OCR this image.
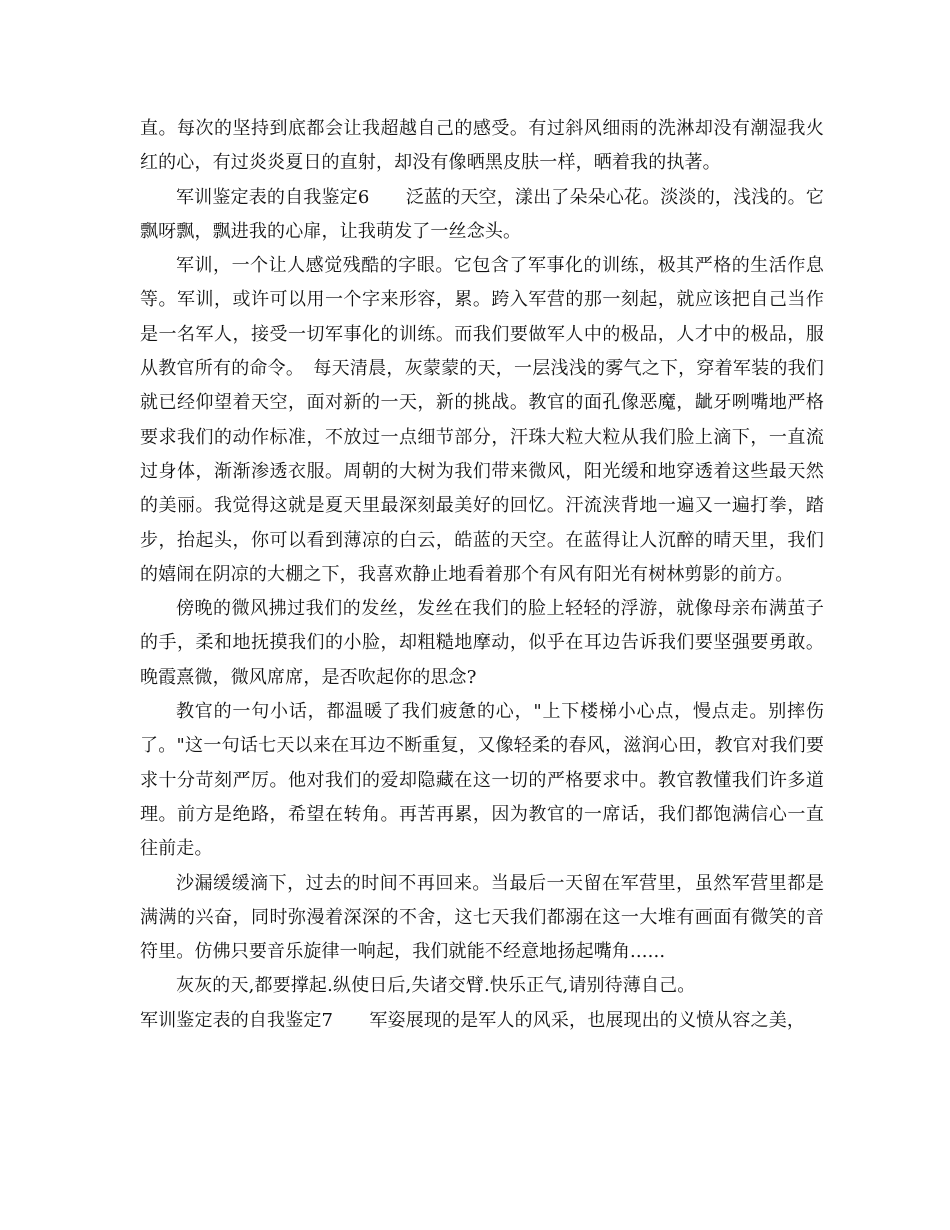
直。每次的坚持到底都会让我超越自己的感受。有过斜风细雨的洗淋却没有潮湿我火红的心，有过炎炎夏日的直射，却没有像晒黑皮肤一样，晒着我的执著。

军训鉴定表的自我鉴定6　　泛蓝的天空，漾出了朵朵心花。淡淡的，浅浅的。它飘呀飘，飘进我的心扉，让我萌发了一丝念头。

军训，一个让人感觉残酷的字眼。它包含了军事化的训练，极其严格的生活作息等。军训，或许可以用一个字来形容，累。跨入军营的那一刻起，就应该把自己当作是一名军人，接受一切军事化的训练。而我们要做军人中的极品，人才中的极品，服从教官所有的命令。　每天清晨，灰蒙蒙的天，一层浅浅的雾气之下，穿着军装的我们就已经仰望着天空，面对新的一天，新的挑战。教官的面孔像恶魔，龇牙咧嘴地严格要求我们的动作标准，不放过一点细节部分，汗珠大粒大粒从我们脸上滴下，一直流过身体，渐渐渗透衣服。周朝的大树为我们带来微风，阳光缓和地穿透着这些最天然的美丽。我觉得这就是夏天里最深刻最美好的回忆。汗流浃背地一遍又一遍打拳，踏步，抬起头，你可以看到薄凉的白云，皓蓝的天空。在蓝得让人沉醉的晴天里，我们的嬉闹在阴凉的大棚之下，我喜欢静止地看着那个有风有阳光有树林剪影的前方。

傍晚的微风拂过我们的发丝，发丝在我们的脸上轻轻的浮游，就像母亲布满茧子的手，柔和地抚摸我们的小脸，却粗糙地摩动，似乎在耳边告诉我们要坚强要勇敢。晚霞熹微，微风席席，是否吹起你的思念?

教官的一句小话，都温暖了我们疲惫的心，"上下楼梯小心点，慢点走。别摔伤了。"这一句话七天以来在耳边不断重复，又像轻柔的春风，滋润心田，教官对我们要求十分苛刻严厉。他对我们的爱却隐藏在这一切的严格要求中。教官教懂我们许多道理。前方是绝路，希望在转角。再苦再累，因为教官的一席话，我们都饱满信心一直往前走。

沙漏缓缓滴下，过去的时间不再回来。当最后一天留在军营里，虽然军营里都是满满的兴奋，同时弥漫着深深的不舍，这七天我们都溺在这一大堆有画面有微笑的音符里。仿佛只要音乐旋律一响起，我们就能不经意地扬起嘴角......

灰灰的天,都要撑起.纵使日后,失诸交臂.快乐正气,请别待薄自己。

军训鉴定表的自我鉴定7　　军姿展现的是军人的风采，也展现出的义愤从容之美，
